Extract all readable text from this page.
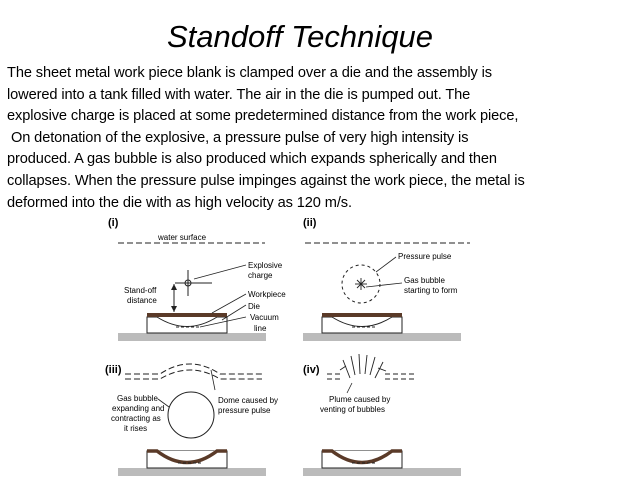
Standoff Technique
The sheet metal work piece blank is clamped over a die and the assembly is
lowered into a tank filled with water. The air in the die is pumped out. The
explosive charge is placed at some predetermined distance from the work piece,
On detonation of the explosive, a pressure pulse of very high intensity is
produced. A gas bubble is also produced which expands spherically and then
collapses. When the pressure pulse impinges against the work piece, the metal is
deformed into the die with as high velocity as 120 m/s.
(i)
water surface
Explosive
charge
Stand-off
distance
Workpiece
Die
Vacuum
line
(ii)
Pressure pulse
Gas bubble
starting to form
(iii)
Gas bubble
expanding and
contracting as
it rises
Dome caused by
pressure pulse
(iv)
Plume caused by
venting of bubbles
